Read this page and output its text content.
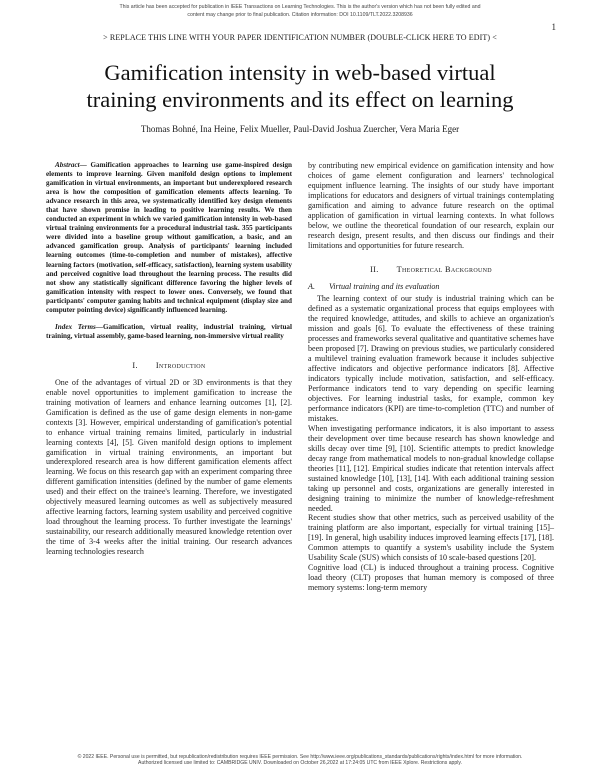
This article has been accepted for publication in IEEE Transactions on Learning Technologies. This is the author's version which has not been fully edited and
content may change prior to final publication. Citation information: DOI 10.1109/TLT.2022.3208936
1
> REPLACE THIS LINE WITH YOUR PAPER IDENTIFICATION NUMBER (DOUBLE-CLICK HERE TO EDIT) <
Gamification intensity in web-based virtual
training environments and its effect on learning
Thomas Bohné, Ina Heine, Felix Mueller, Paul-David Joshua Zuercher, Vera Maria Eger

Abstract— Gamification approaches to learning use game-inspired design elements to improve learning. Given manifold design options to implement gamification in virtual environments, an important but underexplored research area is how the composition of gamification elements affects learning. To advance research in this area, we systematically identified key design elements that have shown promise in leading to positive learning results. We then conducted an experiment in which we varied gamification intensity in web-based virtual training environments for a procedural industrial task. 355 participants were divided into a baseline group without gamification, a basic, and an advanced gamification group. Analysis of participants' learning included learning outcomes (time-to-completion and number of mistakes), affective learning factors (motivation, self-efficacy, satisfaction), learning system usability and perceived cognitive load throughout the learning process. The results did not show any statistically significant difference favoring the higher levels of gamification intensity with respect to lower ones. Conversely, we found that participants' computer gaming habits and technical equipment (display size and computer pointing device) significantly influenced learning.

Index Terms—Gamification, virtual reality, industrial training, virtual training, virtual assembly, game-based learning, non-immersive virtual reality

I. Introduction

One of the advantages of virtual 2D or 3D environments is that they enable novel opportunities to implement gamification to increase the training motivation of learners and enhance learning outcomes [1], [2]. Gamification is defined as the use of game design elements in non-game contexts [3]. However, empirical understanding of gamification's potential to enhance virtual training remains limited, particularly in industrial learning contexts [4], [5]. Given manifold design options to implement gamification in virtual training environments, an important but underexplored research area is how different gamification elements affect learning. We focus on this research gap with an experiment comparing three different gamification intensities (defined by the number of game elements used) and their effect on the trainee's learning. Therefore, we investigated objectively measured learning outcomes as well as subjectively measured affective learning factors, learning system usability and perceived cognitive load throughout the learning process. To further investigate the learnings' sustainability, our research additionally measured knowledge retention over the time of 3-4 weeks after the initial training. Our research advances learning technologies research

by contributing new empirical evidence on gamification intensity and how choices of game element configuration and learners' technological equipment influence learning. The insights of our study have important implications for educators and designers of virtual trainings contemplating gamification and aiming to advance future research on the optimal application of gamification in virtual learning contexts. In what follows below, we outline the theoretical foundation of our research, explain our research design, present results, and then discuss our findings and their limitations and opportunities for future research.

II. Theoretical Background
A. Virtual training and its evaluation

The learning context of our study is industrial training which can be defined as a systematic organizational process that equips employees with the required knowledge, attitudes, and skills to achieve an organization's mission and goals [6]. To evaluate the effectiveness of these training processes and frameworks several qualitative and quantitative schemes have been proposed [7]. Drawing on previous studies, we particularly considered a multilevel training evaluation framework because it includes subjective affective indicators and objective performance indicators [8]. Affective indicators typically include motivation, satisfaction, and self-efficacy. Performance indicators tend to vary depending on specific learning objectives. For learning industrial tasks, for example, common key performance indicators (KPI) are time-to-completion (TTC) and number of mistakes.

When investigating performance indicators, it is also important to assess their development over time because research has shown knowledge and skills decay over time [9], [10]. Scientific attempts to predict knowledge decay range from mathematical models to non-gradual knowledge collapse theories [11], [12]. Empirical studies indicate that retention intervals affect sustained knowledge [10], [13], [14]. With each additional training session taking up personnel and costs, organizations are generally interested in designing training to minimize the number of knowledge-refreshment needed.

Recent studies show that other metrics, such as perceived usability of the training platform are also important, especially for virtual training [15]–[19]. In general, high usability induces improved learning effects [17], [18]. Common attempts to quantify a system's usability include the System Usability Scale (SUS) which consists of 10 scale-based questions [20].

Cognitive load (CL) is induced throughout a training process. Cognitive load theory (CLT) proposes that human memory is composed of three memory systems: long-term memory

© 2022 IEEE. Personal use is permitted, but republication/redistribution requires IEEE permission. See http://www.ieee.org/publications_standards/publications/rights/index.html for more information.
Authorized licensed use limited to: CAMBRIDGE UNIV. Downloaded on October 26,2022 at 17:24:05 UTC from IEEE Xplore. Restrictions apply.
